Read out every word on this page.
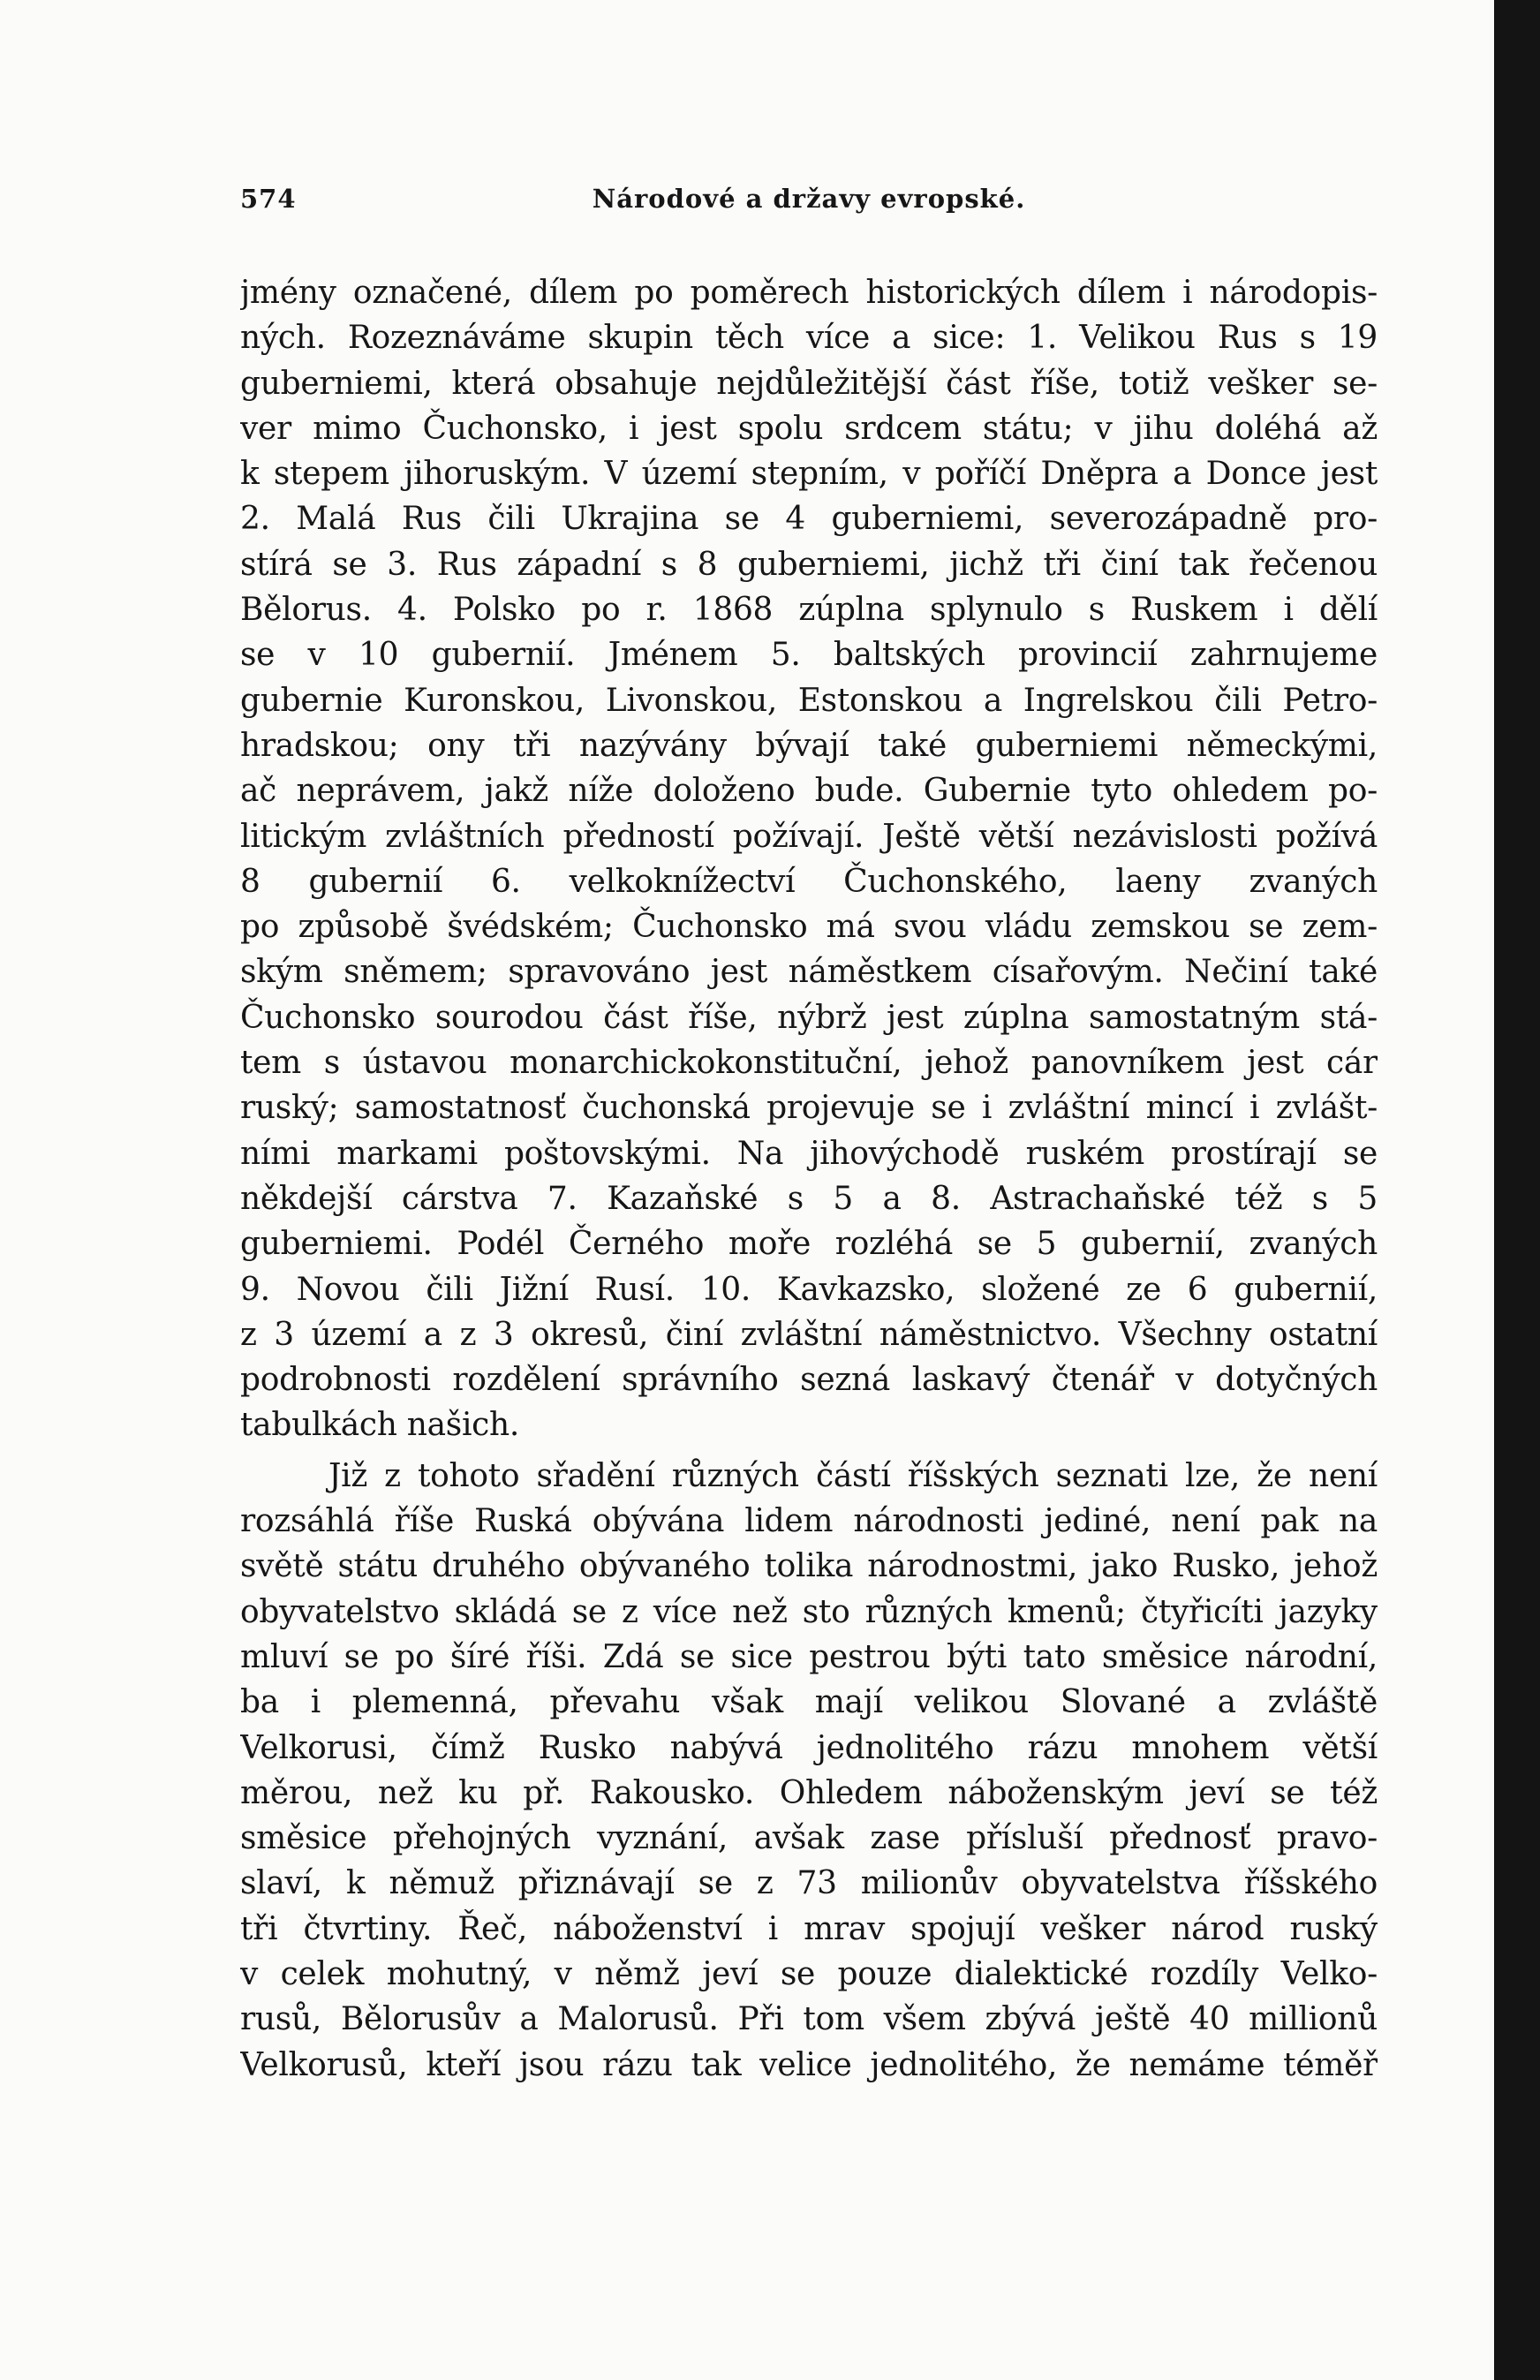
574	Národové a državy evropské.
jmény označené, dílem po poměrech historických dílem i národopis-
ných. Rozeznáváme skupin těch více a sice: 1. Velikou Rus s 19
guberniemi, která obsahuje nejdůležitější část říše, totiž vešker se-
ver mimo Čuchonsko, i jest spolu srdcem státu; v jihu doléhá až
k stepem jihoruským. V území stepním, v poříčí Dněpra a Donce jest
2. Malá Rus čili Ukrajina se 4 guberniemi, severozápadně pro-
stírá se 3. Rus západní s 8 guberniemi, jichž tři činí tak řečenou
Bělorus. 4. Polsko po r. 1868 zúplna splynulo s Ruskem i dělí
se v 10 gubernií. Jménem 5. baltských provincií zahrnujeme
gubernie Kuronskou, Livonskou, Estonskou a Ingrelskou čili Petro-
hradskou; ony tři nazývány bývají také guberniemi německými,
ač neprávem, jakž níže doloženo bude. Gubernie tyto ohledem po-
litickým zvláštních předností požívají. Ještě větší nezávislosti požívá
8 gubernií 6. velkoknížectví Čuchonského, laeny zvaných
po způsobě švédském; Čuchonsko má svou vládu zemskou se zem-
ským sněmem; spravováno jest náměstkem císařovým. Nečiní také
Čuchonsko sourodou část říše, nýbrž jest zúplna samostatným stá-
tem s ústavou monarchickokonstituční, jehož panovníkem jest cár
ruský; samostatnosť čuchonská projevuje se i zvláštní mincí i zvlášt-
ními markami poštovskými. Na jihovýchodě ruském prostírají se
někdejší cárstva 7. Kazaňské s 5 a 8. Astrachaňské též s 5
guberniemi. Podél Černého moře rozléhá se 5 gubernií, zvaných
9. Novou čili Jižní Rusí. 10. Kavkazsko, složené ze 6 gubernií,
z 3 území a z 3 okresů, činí zvláštní náměstnictvo. Všechny ostatní
podrobnosti rozdělení správního sezná laskavý čtenář v dotyčných
tabulkách našich.
Již z tohoto sřadění různých částí říšských seznati lze, že není
rozsáhlá říše Ruská obývána lidem národnosti jediné, není pak na
světě státu druhého obývaného tolika národnostmi, jako Rusko, jehož
obyvatelstvo skládá se z více než sto různých kmenů; čtyřicíti jazyky
mluví se po šíré říši. Zdá se sice pestrou býti tato směsice národní,
ba i plemenná, převahu však mají velikou Slované a zvláště
Velkorusi, čímž Rusko nabývá jednolitého rázu mnohem větší
měrou, než ku př. Rakousko. Ohledem náboženským jeví se též
směsice přehojných vyznání, avšak zase přísluší přednosť pravo-
slaví, k němuž přiznávají se z 73 milionův obyvatelstva říšského
tři čtvrtiny. Řeč, náboženství i mrav spojují vešker národ ruský
v celek mohutný, v němž jeví se pouze dialektické rozdíly Velko-
rusů, Bělorusův a Malorusů. Při tom všem zbývá ještě 40 millionů
Velkorusů, kteří jsou rázu tak velice jednolitého, že nemáme téměř
